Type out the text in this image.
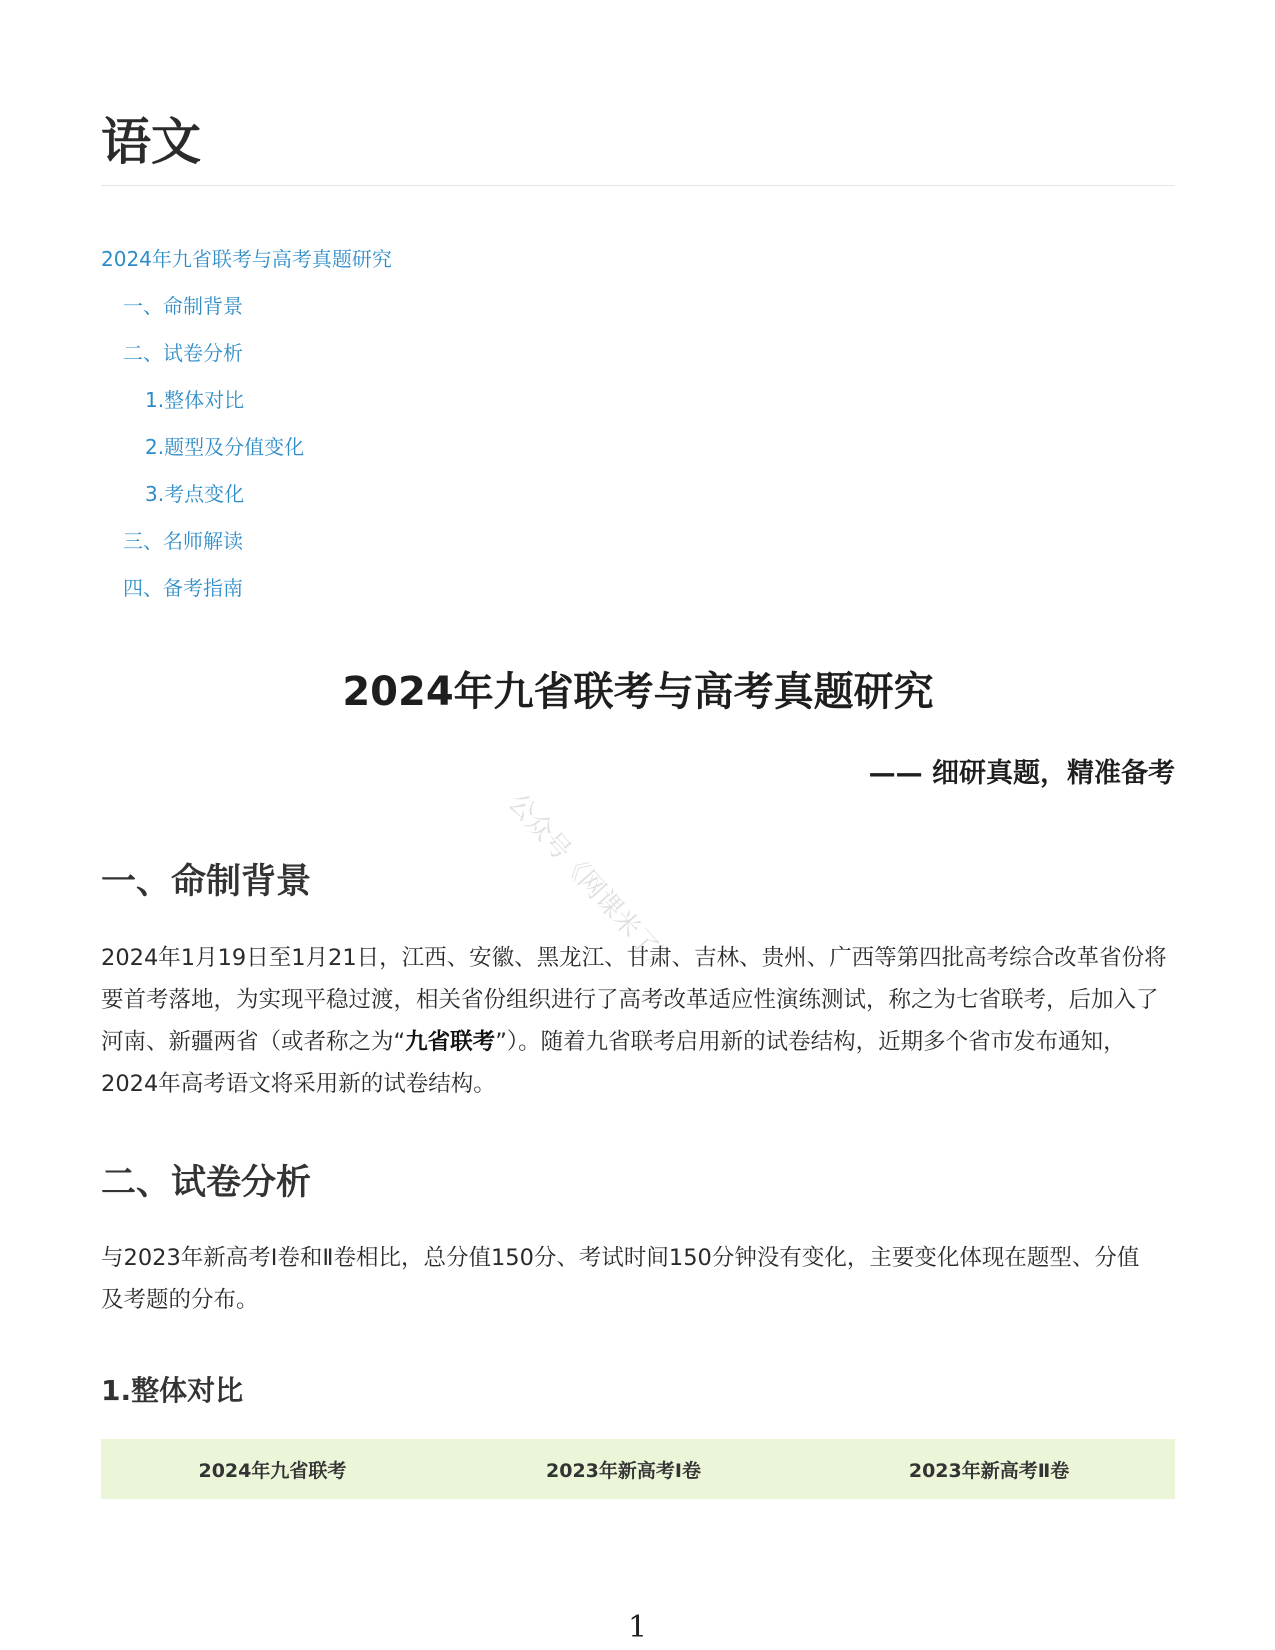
语文
2024年九省联考与高考真题研究
一、命制背景
二、试卷分析
1.整体对比
2.题型及分值变化
3.考点变化
三、名师解读
四、备考指南
2024年九省联考与高考真题研究

—— 细研真题，精准备考

公众号《网课米了》
一、命制背景

2024年1月19日至1月21日，江西、安徽、黑龙江、甘肃、吉林、贵州、广西等第四批高考综合改革省份将要首考落地，为实现平稳过渡，相关省份组织进行了高考改革适应性演练测试，称之为七省联考，后加入了河南、新疆两省（或者称之为“九省联考”）。随着九省联考启用新的试卷结构，近期多个省市发布通知，2024年高考语文将采用新的试卷结构。

二、试卷分析

与2023年新高考Ⅰ卷和Ⅱ卷相比，总分值150分、考试时间150分钟没有变化，主要变化体现在题型、分值及考题的分布。

1.整体对比
2024年九省联考	2023年新高考Ⅰ卷	2023年新高考Ⅱ卷
1
